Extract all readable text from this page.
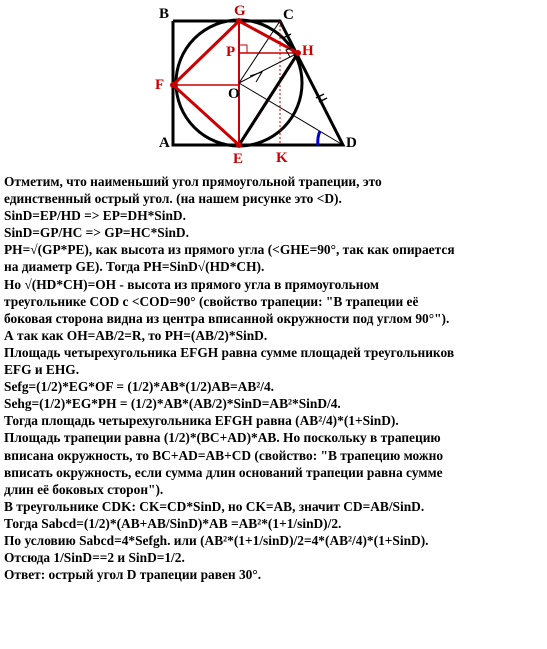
B	G C
P	H
F
O
A
E K
D
Отметим, что наименьший угол прямоугольной трапеции, это
единственный острый угол. (на нашем рисунке это <D).
SinD=EP/HD => EP=DH*SinD.
SinD=GP/HC => GP=HC*SinD.
PH=√(GP*PE), как высота из прямого угла (<GHE=90°, так как опирается
на диаметр GE). Тогда PH=SinD√(HD*CH).
Но √(HD*CH)=OH - высота из прямого угла в прямоугольном
треугольнике COD с <COD=90° (свойство трапеции: "В трапеции её
боковая сторона видна из центра вписанной окружности под углом 90°").
А так как OH=AB/2=R, то PH=(AB/2)*SinD.
Площадь четырехугольника EFGH равна сумме площадей треугольников
EFG и EHG.
Sefg=(1/2)*EG*OF = (1/2)*AB*(1/2)AB=AB²/4.
Sehg=(1/2)*EG*PH = (1/2)*AB*(AB/2)*SinD=AB²*SinD/4.
Тогда площадь четырехугольника EFGH равна (AB²/4)*(1+SinD).
Площадь трапеции равна (1/2)*(BC+AD)*AB. Но поскольку в трапецию
вписана окружность, то BC+AD=AB+CD (свойство: "В трапецию можно
вписать окружность, если сумма длин оснований трапеции равна сумме
длин её боковых сторон").
В треугольнике CDK: CK=CD*SinD, но CK=AB, значит CD=AB/SinD.
Тогда Sabcd=(1/2)*(AB+AB/SinD)*AB =AB²*(1+1/sinD)/2.
По условию Sabcd=4*Sefgh. или (AB²*(1+1/sinD)/2=4*(AB²/4)*(1+SinD).
Отсюда 1/SinD==2 и SinD=1/2.
Ответ: острый угол D трапеции равен 30°.
